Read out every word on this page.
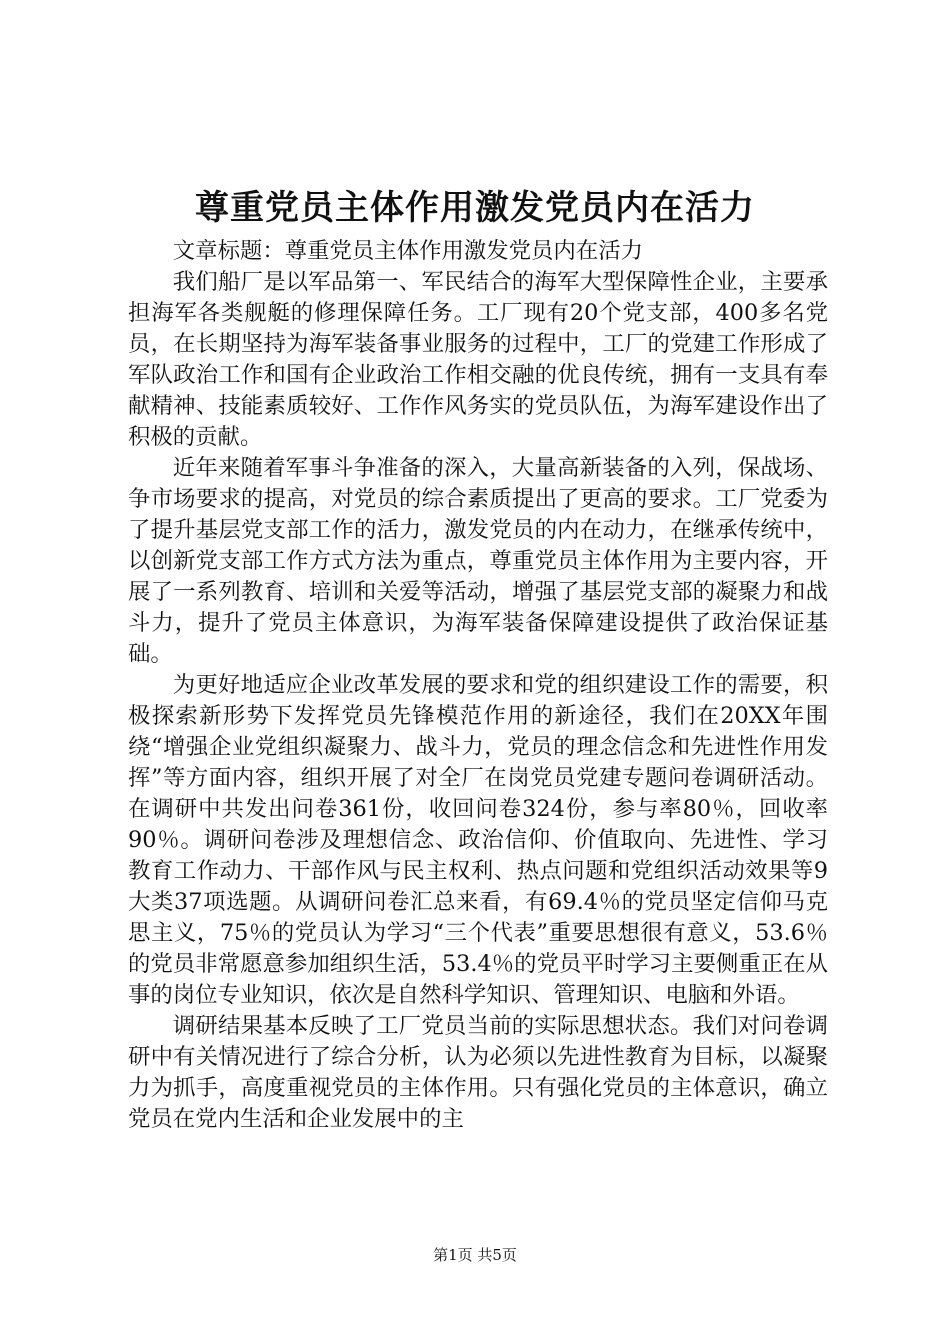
尊重党员主体作用激发党员内在活力

文章标题：尊重党员主体作用激发党员内在活力

我们船厂是以军品第一、军民结合的海军大型保障性企业，主要承担海军各类舰艇的修理保障任务。工厂现有20个党支部，400多名党员，在长期坚持为海军装备事业服务的过程中，工厂的党建工作形成了军队政治工作和国有企业政治工作相交融的优良传统，拥有一支具有奉献精神、技能素质较好、工作作风务实的党员队伍，为海军建设作出了积极的贡献。

近年来随着军事斗争准备的深入，大量高新装备的入列，保战场、争市场要求的提高，对党员的综合素质提出了更高的要求。工厂党委为了提升基层党支部工作的活力，激发党员的内在动力，在继承传统中，以创新党支部工作方式方法为重点，尊重党员主体作用为主要内容，开展了一系列教育、培训和关爱等活动，增强了基层党支部的凝聚力和战斗力，提升了党员主体意识，为海军装备保障建设提供了政治保证基础。

为更好地适应企业改革发展的要求和党的组织建设工作的需要，积极探索新形势下发挥党员先锋模范作用的新途径，我们在20XX年围绕“增强企业党组织凝聚力、战斗力，党员的理念信念和先进性作用发挥”等方面内容，组织开展了对全厂在岗党员党建专题问卷调研活动。在调研中共发出问卷361份，收回问卷324份，参与率80％，回收率90％。调研问卷涉及理想信念、政治信仰、价值取向、先进性、学习教育工作动力、干部作风与民主权利、热点问题和党组织活动效果等9大类37项选题。从调研问卷汇总来看，有69.4％的党员坚定信仰马克思主义，75％的党员认为学习“三个代表”重要思想很有意义，53.6％的党员非常愿意参加组织生活，53.4％的党员平时学习主要侧重正在从事的岗位专业知识，依次是自然科学知识、管理知识、电脑和外语。

调研结果基本反映了工厂党员当前的实际思想状态。我们对问卷调研中有关情况进行了综合分析，认为必须以先进性教育为目标，以凝聚力为抓手，高度重视党员的主体作用。只有强化党员的主体意识，确立党员在党内生活和企业发展中的主

第1页 共5页
